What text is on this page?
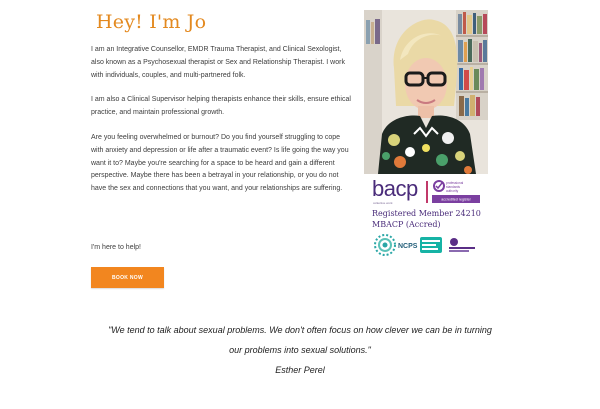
Hey! I'm Jo

I am an Integrative Counsellor, EMDR Trauma Therapist, and Clinical Sexologist, also known as a Psychosexual therapist or Sex and Relationship Therapist. I work with individuals, couples, and multi-partnered folk.

I am also a Clinical Supervisor helping therapists enhance their skills, ensure ethical practice, and maintain professional growth.

Are you feeling overwhelmed or burnout? Do you find yourself struggling to cope with anxiety and depression or life after a traumatic event? Is life going the way you want it to? Maybe you're searching for a space to be heard and gain a different perspective. Maybe there has been a betrayal in your relationship, or you do not have the sex and connections that you want, and your relationships are suffering.

I'm here to help!

BOOK NOW
bacp
collective work
professional
standards
authority
accredited register
Registered Member 24210
MBACP (Accred)
NCPS

"We tend to talk about sexual problems. We don't often focus on how clever we can be in turning

our problems into sexual solutions."

Esther Perel
